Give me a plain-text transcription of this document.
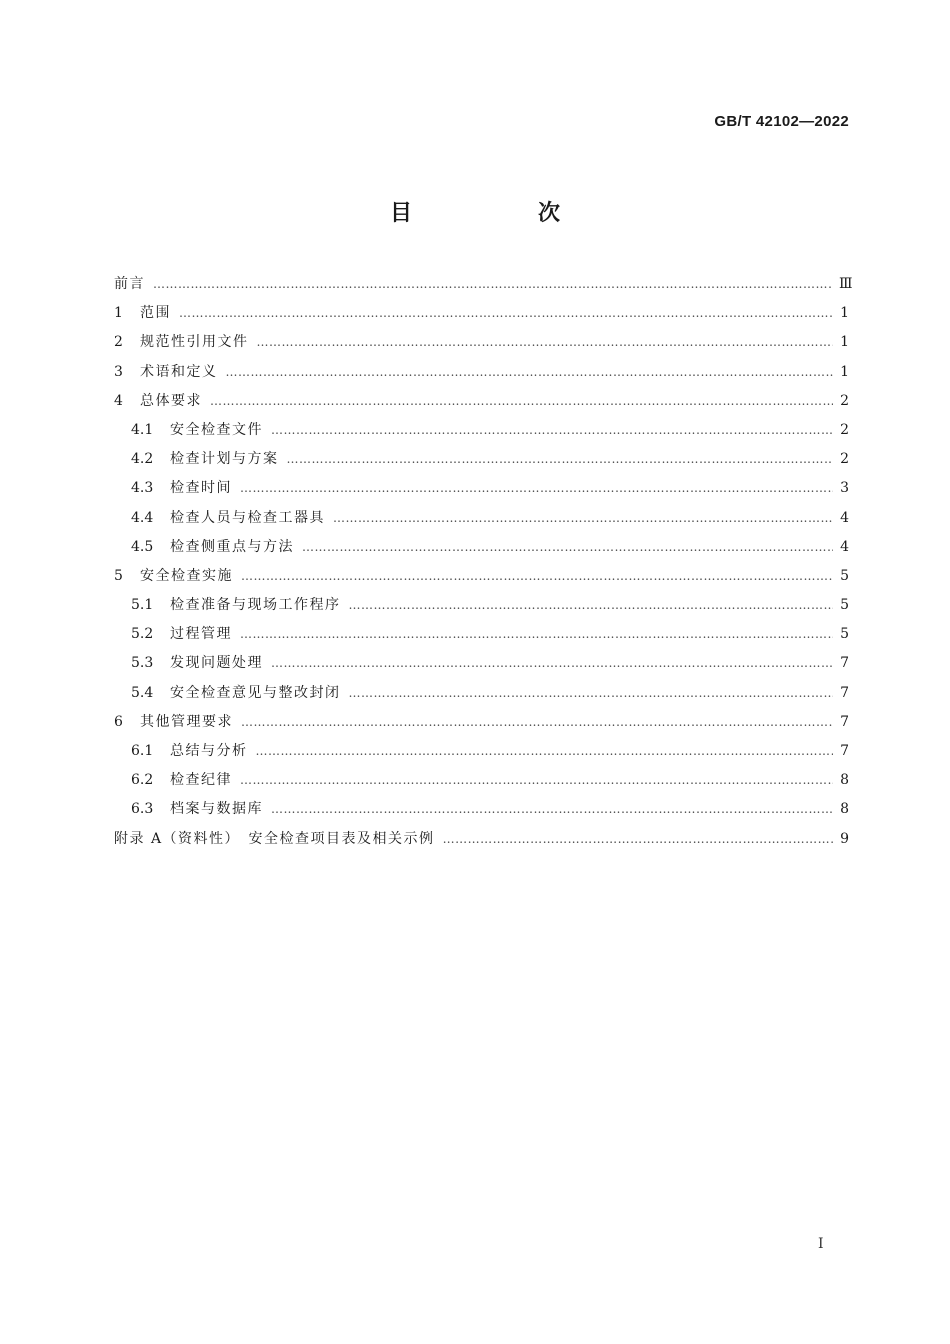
GB/T 42102—2022
目　次
前言 ……………………………………………………………………………………………………………………………………………………………………………………………………………………………………………………………………	Ⅲ
1	范围 ……………………………………………………………………………………………………………………………………………………………………………………………………………………………………………………………………	1
2	规范性引用文件 ……………………………………………………………………………………………………………………………………………………………………………………………………………………………………………………………………	1
3	术语和定义 ……………………………………………………………………………………………………………………………………………………………………………………………………………………………………………………………………	1
4	总体要求 ……………………………………………………………………………………………………………………………………………………………………………………………………………………………………………………………………	2
4.1	安全检查文件 ……………………………………………………………………………………………………………………………………………………………………………………………………………………………………………………………………	2
4.2	检查计划与方案 ……………………………………………………………………………………………………………………………………………………………………………………………………………………………………………………………………	2
4.3	检查时间 ……………………………………………………………………………………………………………………………………………………………………………………………………………………………………………………………………	3
4.4	检查人员与检查工器具 ……………………………………………………………………………………………………………………………………………………………………………………………………………………………………………………………………	4
4.5	检查侧重点与方法 ……………………………………………………………………………………………………………………………………………………………………………………………………………………………………………………………………	4
5	安全检查实施 ……………………………………………………………………………………………………………………………………………………………………………………………………………………………………………………………………	5
5.1	检查准备与现场工作程序 ……………………………………………………………………………………………………………………………………………………………………………………………………………………………………………………………………	5
5.2	过程管理 ……………………………………………………………………………………………………………………………………………………………………………………………………………………………………………………………………	5
5.3	发现问题处理 ……………………………………………………………………………………………………………………………………………………………………………………………………………………………………………………………………	7
5.4	安全检查意见与整改封闭 ……………………………………………………………………………………………………………………………………………………………………………………………………………………………………………………………………	7
6	其他管理要求 ……………………………………………………………………………………………………………………………………………………………………………………………………………………………………………………………………	7
6.1	总结与分析 ……………………………………………………………………………………………………………………………………………………………………………………………………………………………………………………………………	7
6.2	检查纪律 ……………………………………………………………………………………………………………………………………………………………………………………………………………………………………………………………………	8
6.3	档案与数据库 ……………………………………………………………………………………………………………………………………………………………………………………………………………………………………………………………………	8
附录 A（资料性）　安全检查项目表及相关示例 ……………………………………………………………………………………………………………………………………………………………………………………………………………………………………………………………………	9
Ⅰ
